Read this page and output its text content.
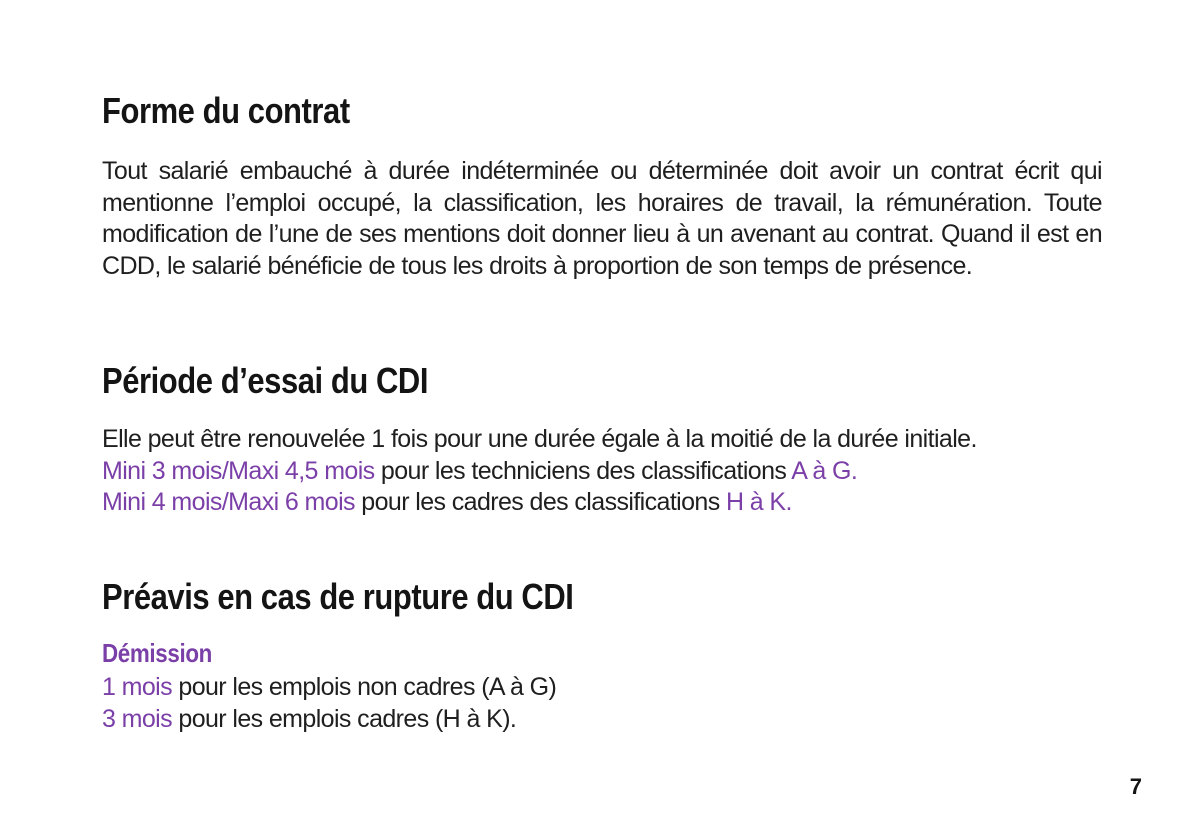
Forme du contrat

Tout salarié embauché à durée indéterminée ou déterminée doit avoir un contrat écrit qui mentionne l’emploi occupé, la classification, les horaires de travail, la rémunération. Toute modification de l’une de ses mentions doit donner lieu à un avenant au contrat. Quand il est en CDD, le salarié bénéficie de tous les droits à proportion de son temps de présence.

Période d’essai du CDI
Elle peut être renouvelée 1 fois pour une durée égale à la moitié de la durée initiale.
Mini 3 mois/Maxi 4,5 mois pour les techniciens des classifications A à G.
Mini 4 mois/Maxi 6 mois pour les cadres des classifications H à K.
Préavis en cas de rupture du CDI
Démission
1 mois pour les emplois non cadres (A à G)
3 mois pour les emplois cadres (H à K).
7
